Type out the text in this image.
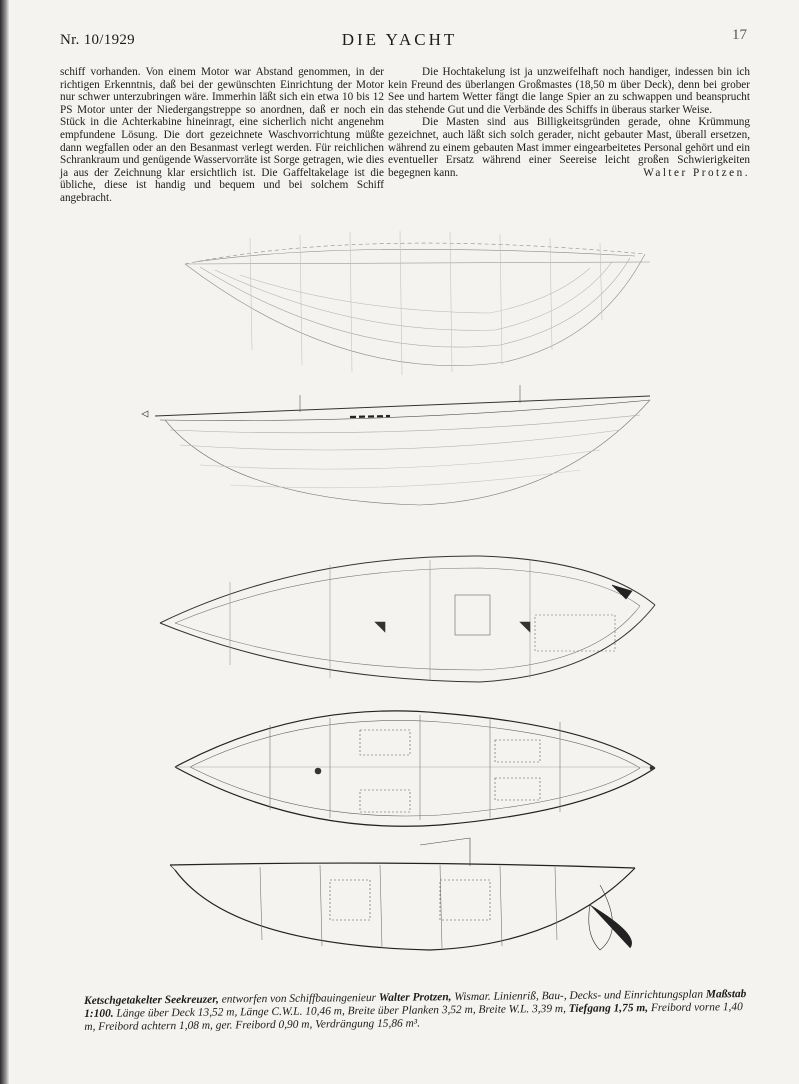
Nr. 10/1929	DIE YACHT	17

schiff vorhanden. Von einem Motor war Abstand genommen, in der richtigen Erkenntnis, daß bei der gewünschten Einrichtung der Motor nur schwer unterzubringen wäre. Immerhin läßt sich ein etwa 10 bis 12 PS Motor unter der Niedergangstreppe so anordnen, daß er noch ein Stück in die Achterkabine hineinragt, eine sicherlich nicht angenehm empfundene Lösung. Die dort gezeichnete Waschvorrichtung müßte dann wegfallen oder an den Besanmast verlegt werden. Für reichlichen Schrankraum und genügende Wasservorräte ist Sorge getragen, wie dies ja aus der Zeichnung klar ersichtlich ist. Die Gaffeltakelage ist die übliche, diese ist handig und bequem und bei solchem Schiff angebracht.

Die Hochtakelung ist ja unzweifelhaft noch handiger, indessen bin ich kein Freund des überlangen Großmastes (18,50 m über Deck), denn bei grober See und hartem Wetter fängt die lange Spier an zu schwappen und beansprucht das stehende Gut und die Verbände des Schiffs in überaus starker Weise.

Die Masten sind aus Billigkeitsgründen gerade, ohne Krümmung gezeichnet, auch läßt sich solch gerader, nicht gebauter Mast, überall ersetzen, während zu einem gebauten Mast immer eingearbeitetes Personal gehört und ein eventueller Ersatz während einer Seereise leicht großen Schwierigkeiten begegnen kann.	Walter Protzen.

Ketschgetakelter Seekreuzer, entworfen von Schiffbauingenieur Walter Protzen, Wismar. Linienriß, Bau-, Decks- und Einrichtungsplan Maßstab 1:100. Länge über Deck 13,52 m, Länge C.W.L. 10,46 m, Breite über Planken 3,52 m, Breite W.L. 3,39 m, Tiefgang 1,75 m, Freibord vorne 1,40 m, Freibord achtern 1,08 m, ger. Freibord 0,90 m, Verdrängung 15,86 m³.
